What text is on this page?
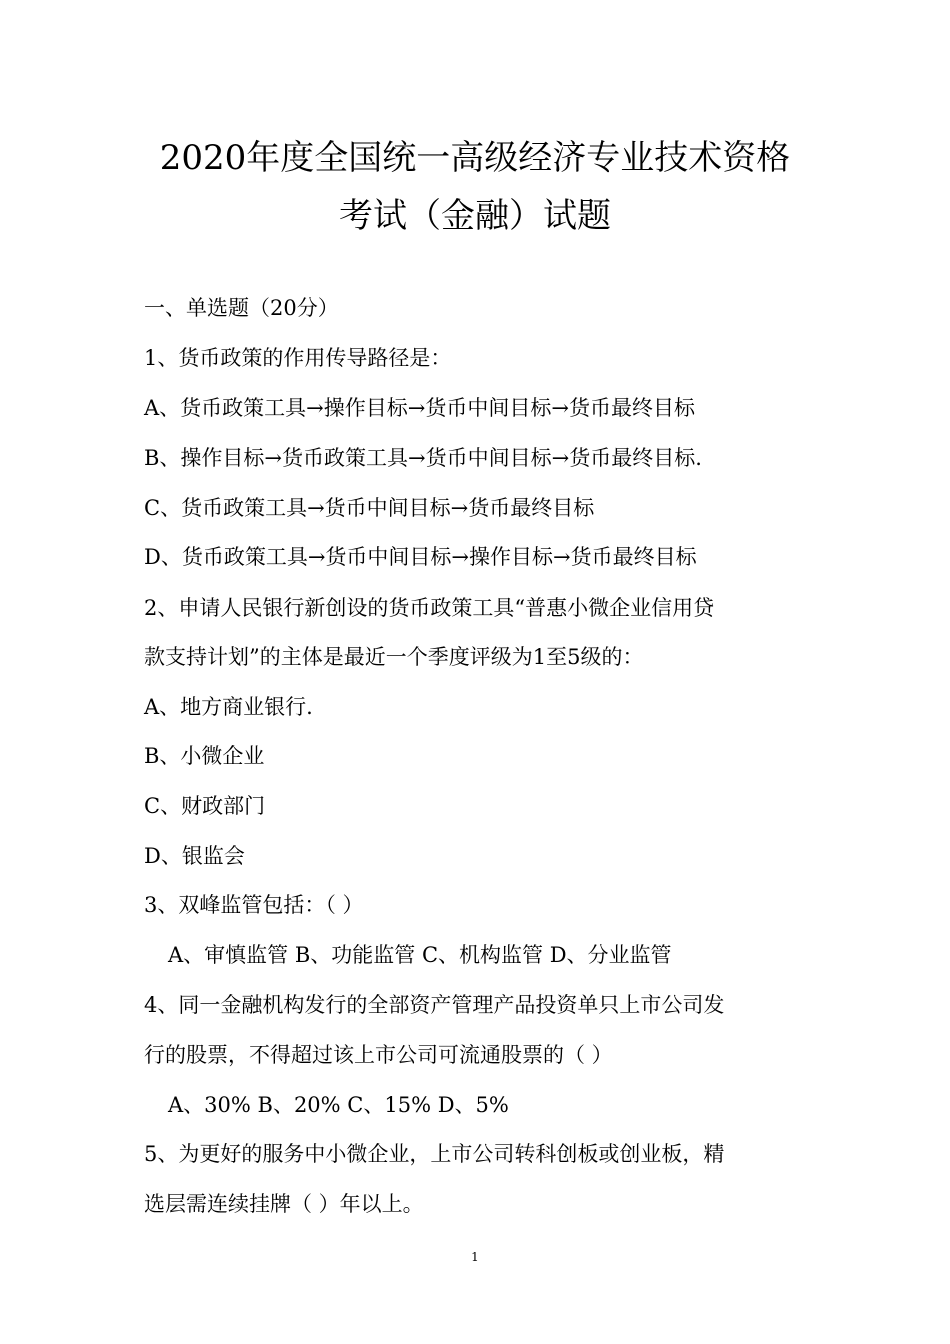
2020年度全国统一高级经济专业技术资格
考试（金融）试题
一、单选题（20分）
1、货币政策的作用传导路径是：
A、货币政策工具→操作目标→货币中间目标→货币最终目标
B、操作目标→货币政策工具→货币中间目标→货币最终目标.
C、货币政策工具→货币中间目标→货币最终目标
D、货币政策工具→货币中间目标→操作目标→货币最终目标
2、申请人民银行新创设的货币政策工具“普惠小微企业信用贷
款支持计划”的主体是最近一个季度评级为1至5级的：
A、地方商业银行.
B、小微企业
C、财政部门
D、银监会
3、双峰监管包括：（ ）
A、审慎监管 B、功能监管 C、机构监管 D、分业监管
4、同一金融机构发行的全部资产管理产品投资单只上市公司发
行的股票，不得超过该上市公司可流通股票的（ ）
A、30% B、20% C、15% D、5%
5、为更好的服务中小微企业，上市公司转科创板或创业板，精
选层需连续挂牌（ ）年以上。
1
